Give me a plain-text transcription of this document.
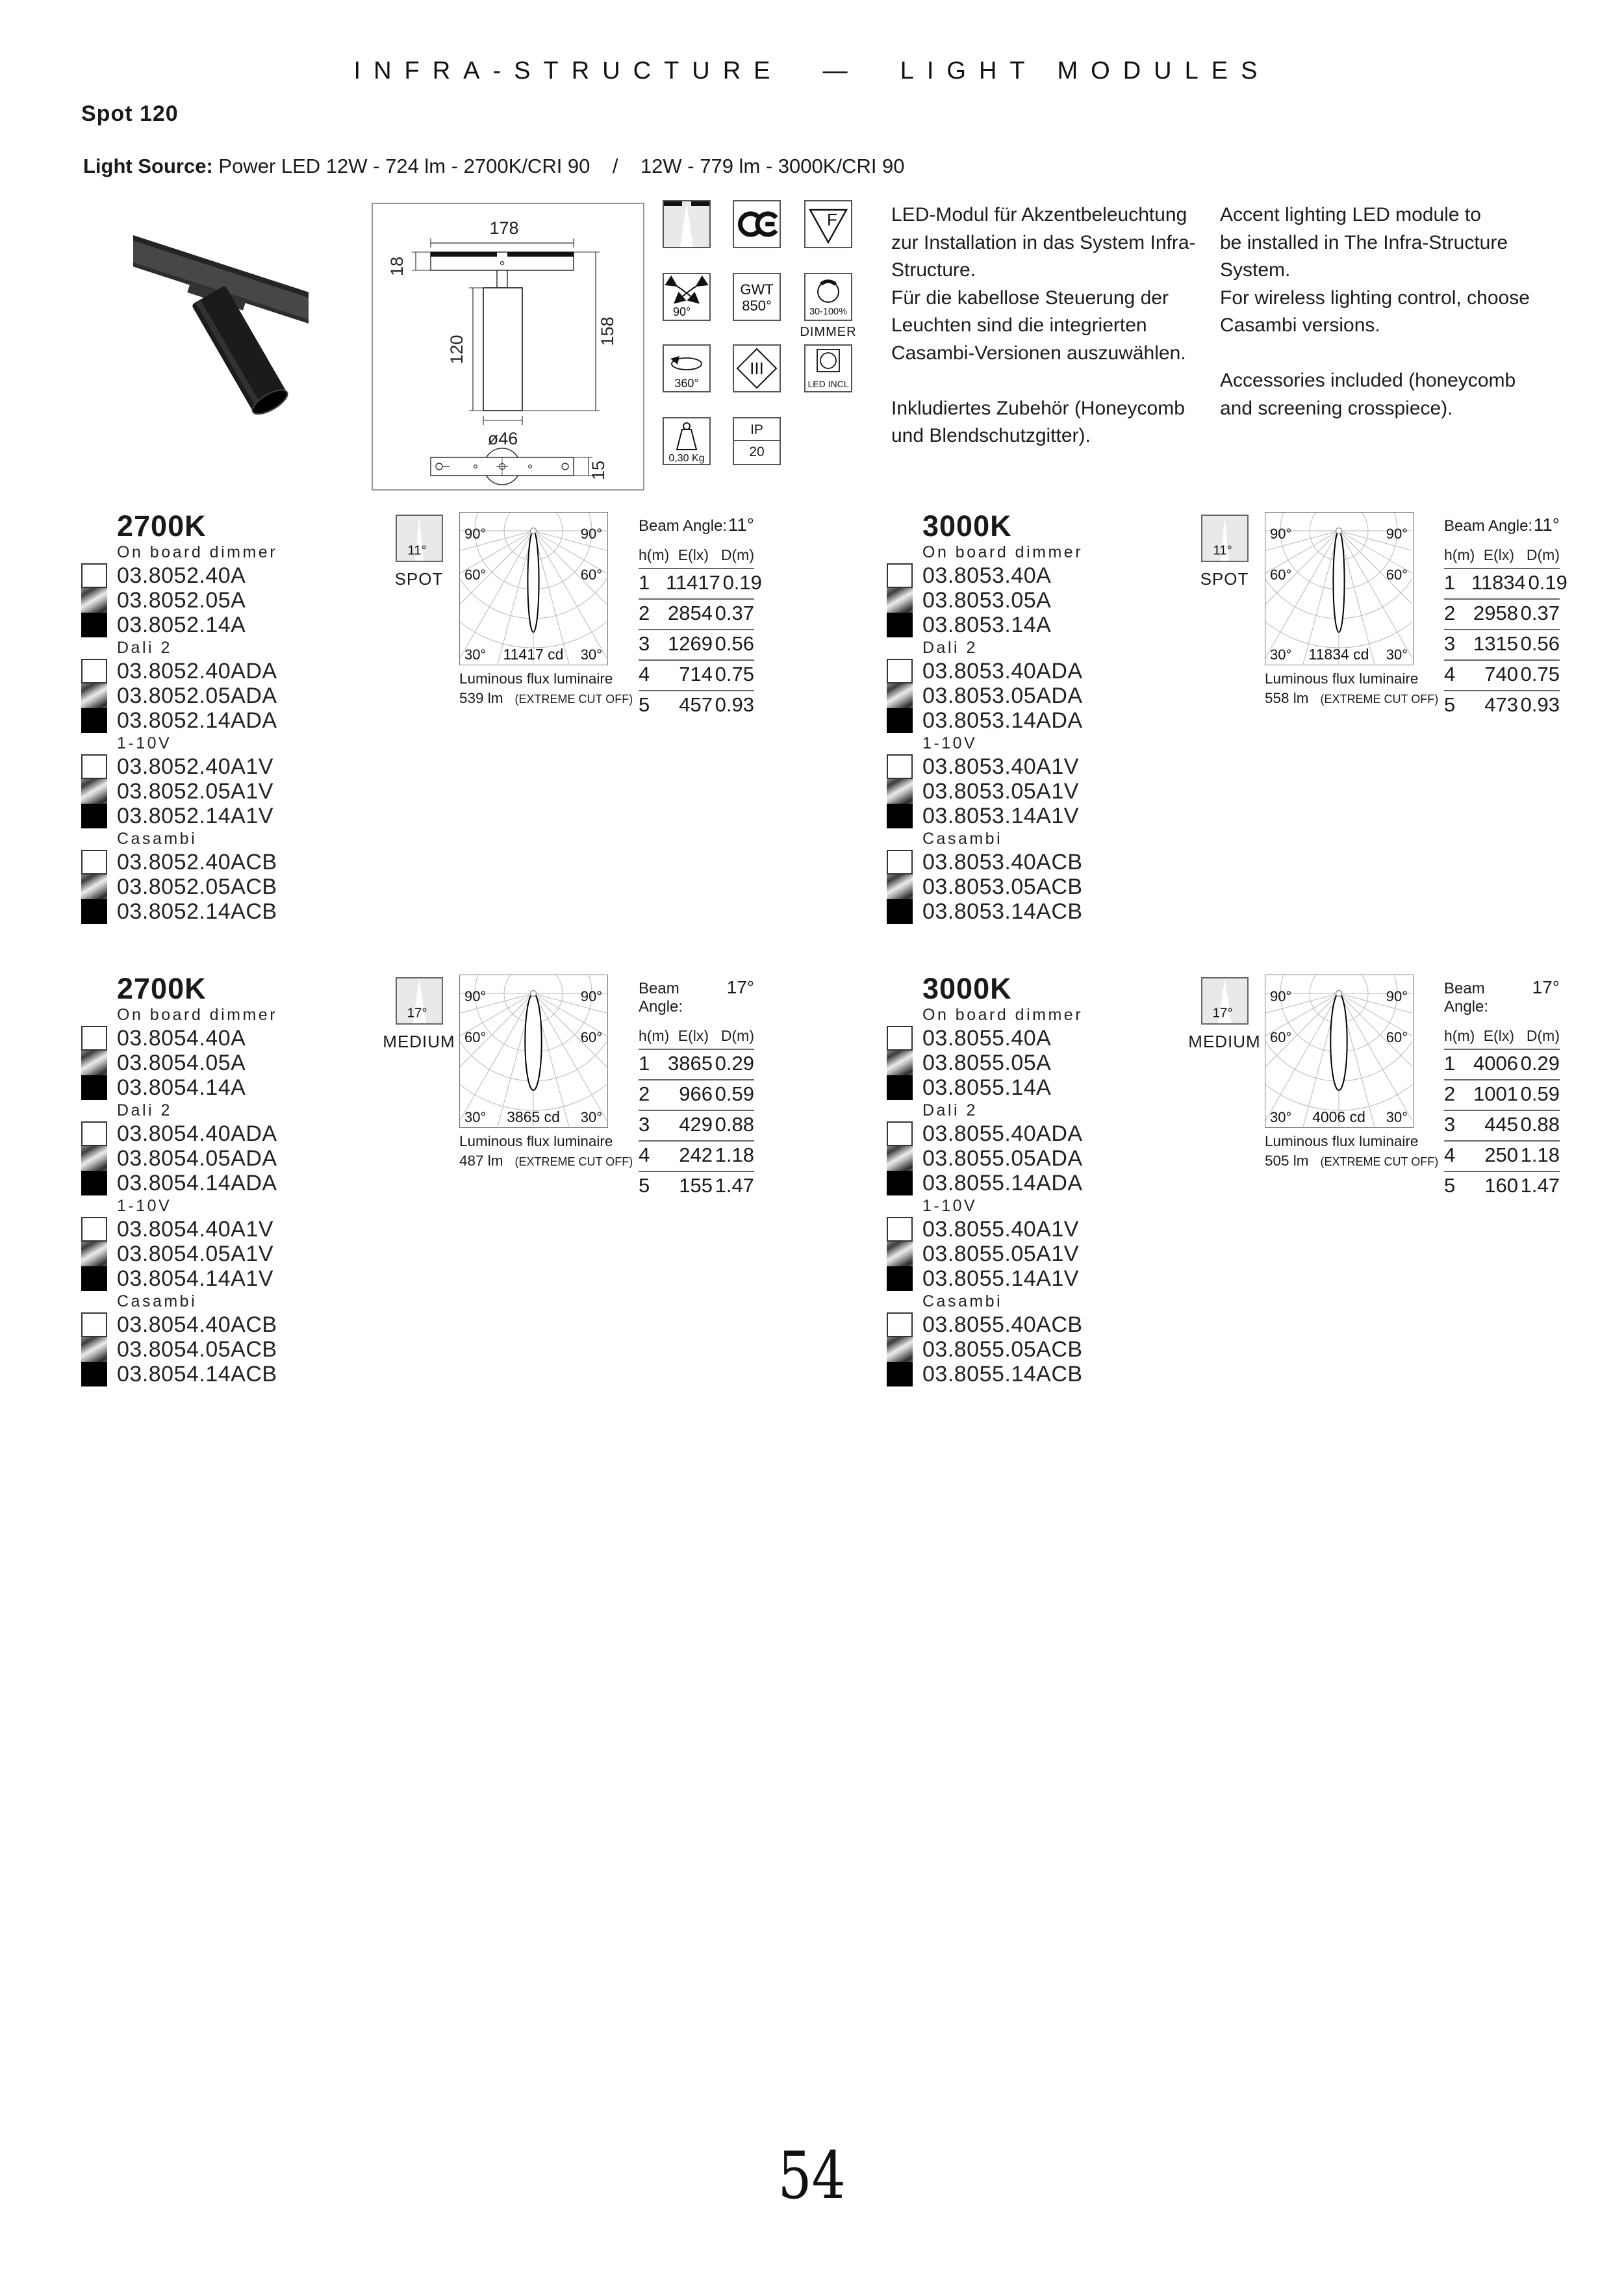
INFRA-STRUCTURE  —  LIGHT MODULES
Spot 120
Light Source: Power LED 12W - 724 lm - 2700K/CRI 90    /    12W - 779 lm - 3000K/CRI 90
178
18
120
158
ø46
15
F
90°
GWT
850°	30-100%
DIMMER
360°
III
LED INCL
0,30 Kg
IP
20
LED-Modul für Akzentbeleuchtung
zur Installation in das System Infra-
Structure.
Für die kabellose Steuerung der
Leuchten sind die integrierten
Casambi-Versionen auszuwählen.
Inkludiertes Zubehör (Honeycomb
und Blendschutzgitter).
Accent lighting LED module to
be installed in The Infra-Structure
System.
For wireless lighting control, choose
Casambi versions.
Accessories included (honeycomb
and screening crosspiece).
2700K
On board dimmer
03.8052.40A
03.8052.05A
03.8052.14A
Dali 2
03.8052.40ADA
03.8052.05ADA
03.8052.14ADA
1-10V
03.8052.40A1V
03.8052.05A1V
03.8052.14A1V
Casambi
03.8052.40ACB
03.8052.05ACB
03.8052.14ACB
11°
SPOT
90°	90°
60°	60°
30°	30°
11417 cd
Luminous flux luminaire
539 lm (EXTREME CUT OFF)
Beam Angle: 11°
h(m) E(lx) D(m)
1 11417 0.19
2 2854 0.37
3 1269 0.56
4	714 0.75
5	457 0.93
3000K
On board dimmer
03.8053.40A
03.8053.05A
03.8053.14A
Dali 2
03.8053.40ADA
03.8053.05ADA
03.8053.14ADA
1-10V
03.8053.40A1V
03.8053.05A1V
03.8053.14A1V
Casambi
03.8053.40ACB
03.8053.05ACB
03.8053.14ACB
11°
SPOT
90°	90°
60°	60°
30°	30°
11834 cd
Luminous flux luminaire
558 lm (EXTREME CUT OFF)
Beam Angle: 11°
h(m) E(lx) D(m)
1 11834 0.19
2 2958 0.37
3 1315 0.56
4	740 0.75
5	473 0.93
2700K
On board dimmer
03.8054.40A
03.8054.05A
03.8054.14A
Dali 2
03.8054.40ADA
03.8054.05ADA
03.8054.14ADA
1-10V
03.8054.40A1V
03.8054.05A1V
03.8054.14A1V
Casambi
03.8054.40ACB
03.8054.05ACB
03.8054.14ACB
17°
MEDIUM
90°	90°
60°	60°
30°	30°
3865 cd
Luminous flux luminaire
487 lm (EXTREME CUT OFF)
Beam Angle:
17°
h(m) E(lx) D(m)
1 3865 0.29
2	966 0.59
3	429 0.88
4	242 1.18
5	155 1.47
3000K
On board dimmer
03.8055.40A
03.8055.05A
03.8055.14A
Dali 2
03.8055.40ADA
03.8055.05ADA
03.8055.14ADA
1-10V
03.8055.40A1V
03.8055.05A1V
03.8055.14A1V
Casambi
03.8055.40ACB
03.8055.05ACB
03.8055.14ACB
17°
MEDIUM
90°	90°
60°	60°
30°	30°
4006 cd
Luminous flux luminaire
505 lm (EXTREME CUT OFF)
Beam Angle:
17°
h(m) E(lx) D(m)
1 4006 0.29
2 1001 0.59
3	445 0.88
4	250 1.18
5	160 1.47
54
